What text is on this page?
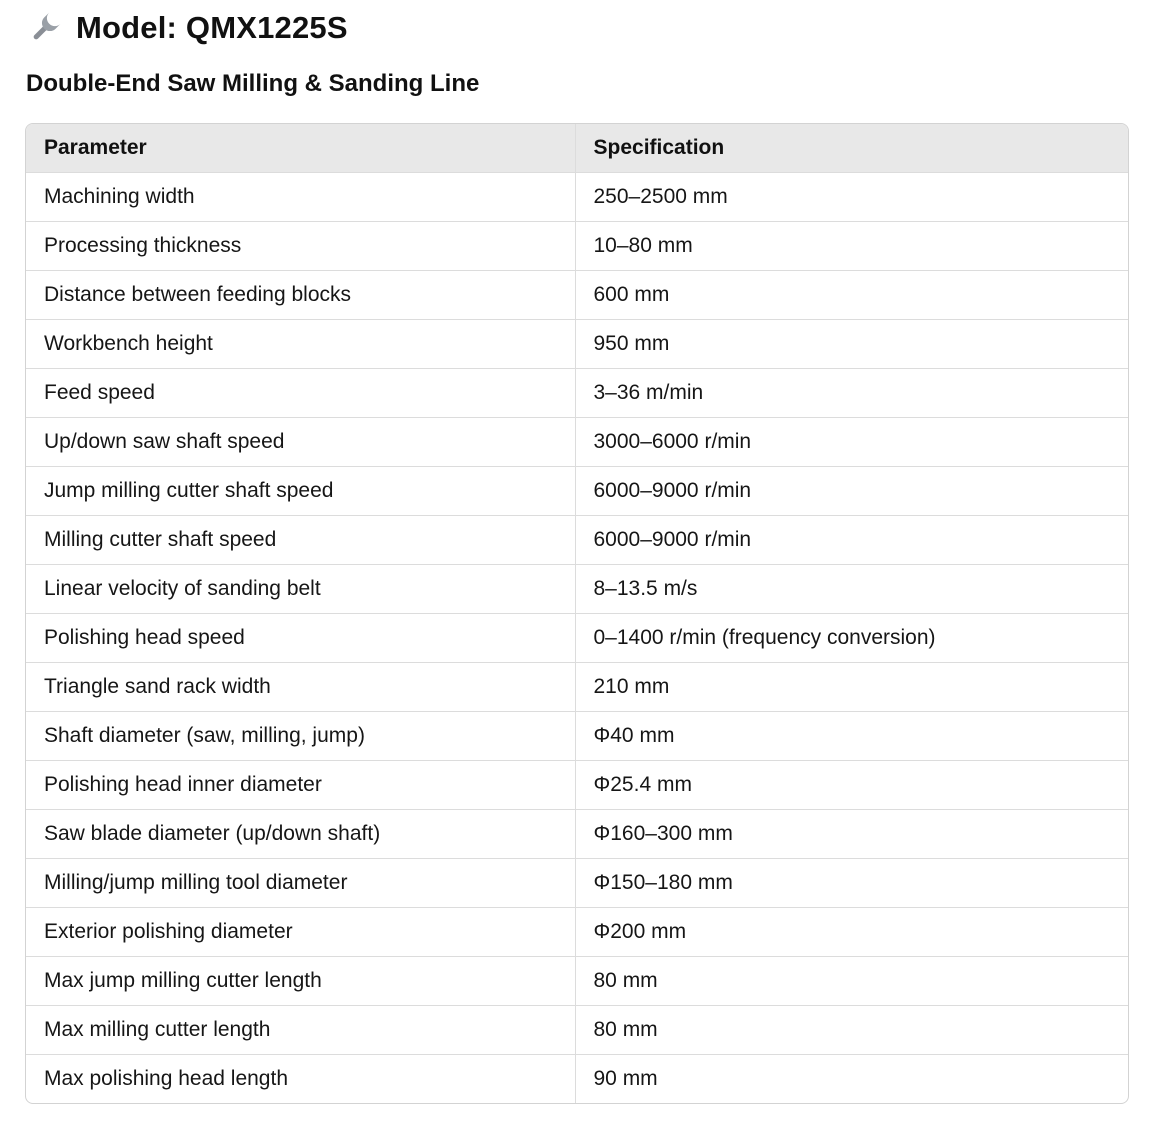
Model: QMX1225S
Double-End Saw Milling & Sanding Line
Parameter	Specification
Machining width	250–2500 mm
Processing thickness	10–80 mm
Distance between feeding blocks	600 mm
Workbench height	950 mm
Feed speed	3–36 m/min
Up/down saw shaft speed	3000–6000 r/min
Jump milling cutter shaft speed	6000–9000 r/min
Milling cutter shaft speed	6000–9000 r/min
Linear velocity of sanding belt	8–13.5 m/s
Polishing head speed	0–1400 r/min (frequency conversion)
Triangle sand rack width	210 mm
Shaft diameter (saw, milling, jump)	Φ40 mm
Polishing head inner diameter	Φ25.4 mm
Saw blade diameter (up/down shaft)	Φ160–300 mm
Milling/jump milling tool diameter	Φ150–180 mm
Exterior polishing diameter	Φ200 mm
Max jump milling cutter length	80 mm
Max milling cutter length	80 mm
Max polishing head length	90 mm
